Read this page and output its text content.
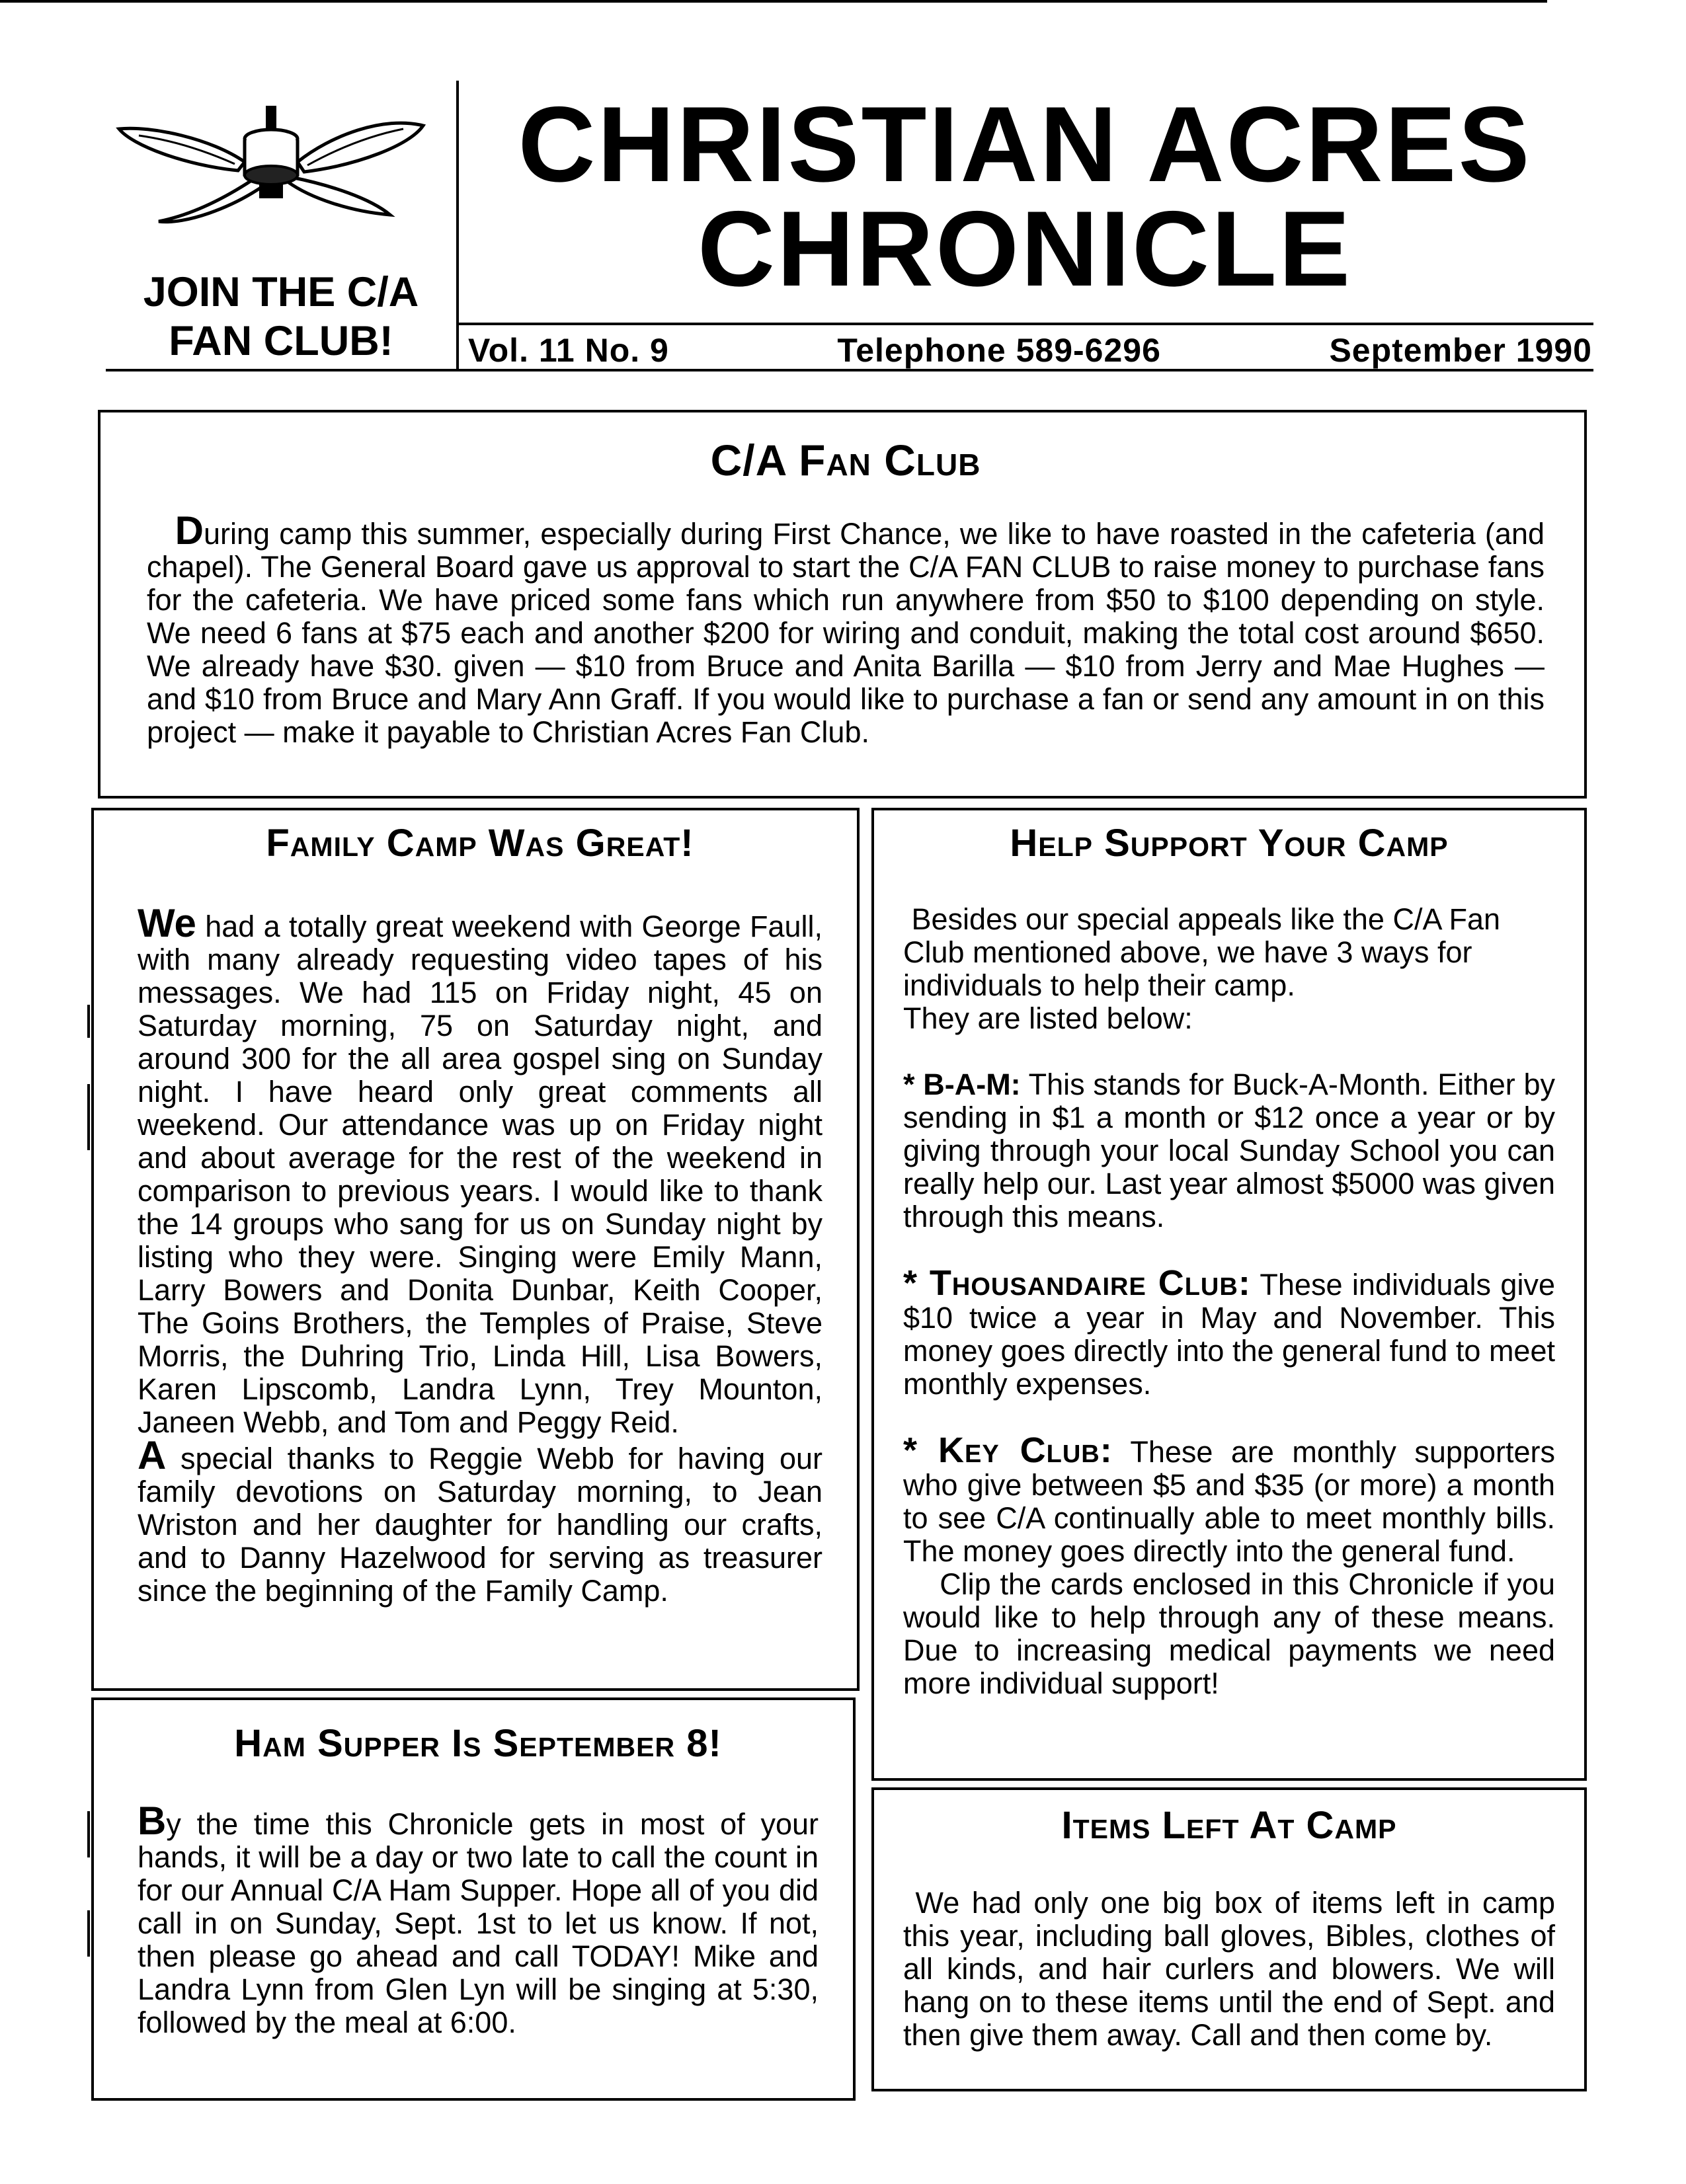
JOIN THE C/A
FAN CLUB!
CHRISTIAN ACRES
CHRONICLE
Vol. 11 No. 9	Telephone 589-6296	September 1990
C/A Fan Club

During camp this summer, especially during First Chance, we like to have roasted in the cafeteria (and chapel). The General Board gave us approval to start the C/A FAN CLUB to raise money to purchase fans for the cafeteria. We have priced some fans which run anywhere from $50 to $100 depending on style. We need 6 fans at $75 each and another $200 for wiring and conduit, making the total cost around $650. We already have $30. given — $10 from Bruce and Anita Barilla — $10 from Jerry and Mae Hughes — and $10 from Bruce and Mary Ann Graff. If you would like to purchase a fan or send any amount in on this project — make it payable to Christian Acres Fan Club.

Family Camp Was Great!

We had a totally great weekend with George Faull, with many already requesting video tapes of his messages. We had 115 on Friday night, 45 on Saturday morning, 75 on Saturday night, and around 300 for the all area gospel sing on Sunday night. I have heard only great comments all weekend. Our attendance was up on Friday night and about average for the rest of the weekend in comparison to previous years. I would like to thank the 14 groups who sang for us on Sunday night by listing who they were. Singing were Emily Mann, Larry Bowers and Donita Dunbar, Keith Cooper, The Goins Brothers, the Temples of Praise, Steve Morris, the Duhring Trio, Linda Hill, Lisa Bowers, Karen Lipscomb, Landra Lynn, Trey Mounton, Janeen Webb, and Tom and Peggy Reid.

A special thanks to Reggie Webb for having our family devotions on Saturday morning, to Jean Wriston and her daughter for handling our crafts, and to Danny Hazelwood for serving as treasurer since the beginning of the Family Camp.

Ham Supper Is September 8!

By the time this Chronicle gets in most of your hands, it will be a day or two late to call the count in for our Annual C/A Ham Supper. Hope all of you did call in on Sunday, Sept. 1st to let us know. If not, then please go ahead and call TODAY! Mike and Landra Lynn from Glen Lyn will be singing at 5:30, followed by the meal at 6:00.

Help Support Your Camp

Besides our special appeals like the C/A Fan Club mentioned above, we have 3 ways for individuals to help their camp.

They are listed below:

* B-A-M: This stands for Buck-A-Month. Either by sending in $1 a month or $12 once a year or by giving through your local Sunday School you can really help our. Last year almost $5000 was given through this means.

* Thousandaire Club: These individuals give $10 twice a year in May and November. This money goes directly into the general fund to meet monthly expenses.

* Key Club: These are monthly supporters who give between $5 and $35 (or more) a month to see C/A continually able to meet monthly bills. The money goes directly into the general fund.

Clip the cards enclosed in this Chronicle if you would like to help through any of these means. Due to increasing medical payments we need more individual support!

Items Left At Camp

We had only one big box of items left in camp this year, including ball gloves, Bibles, clothes of all kinds, and hair curlers and blowers. We will hang on to these items until the end of Sept. and then give them away. Call and then come by.
